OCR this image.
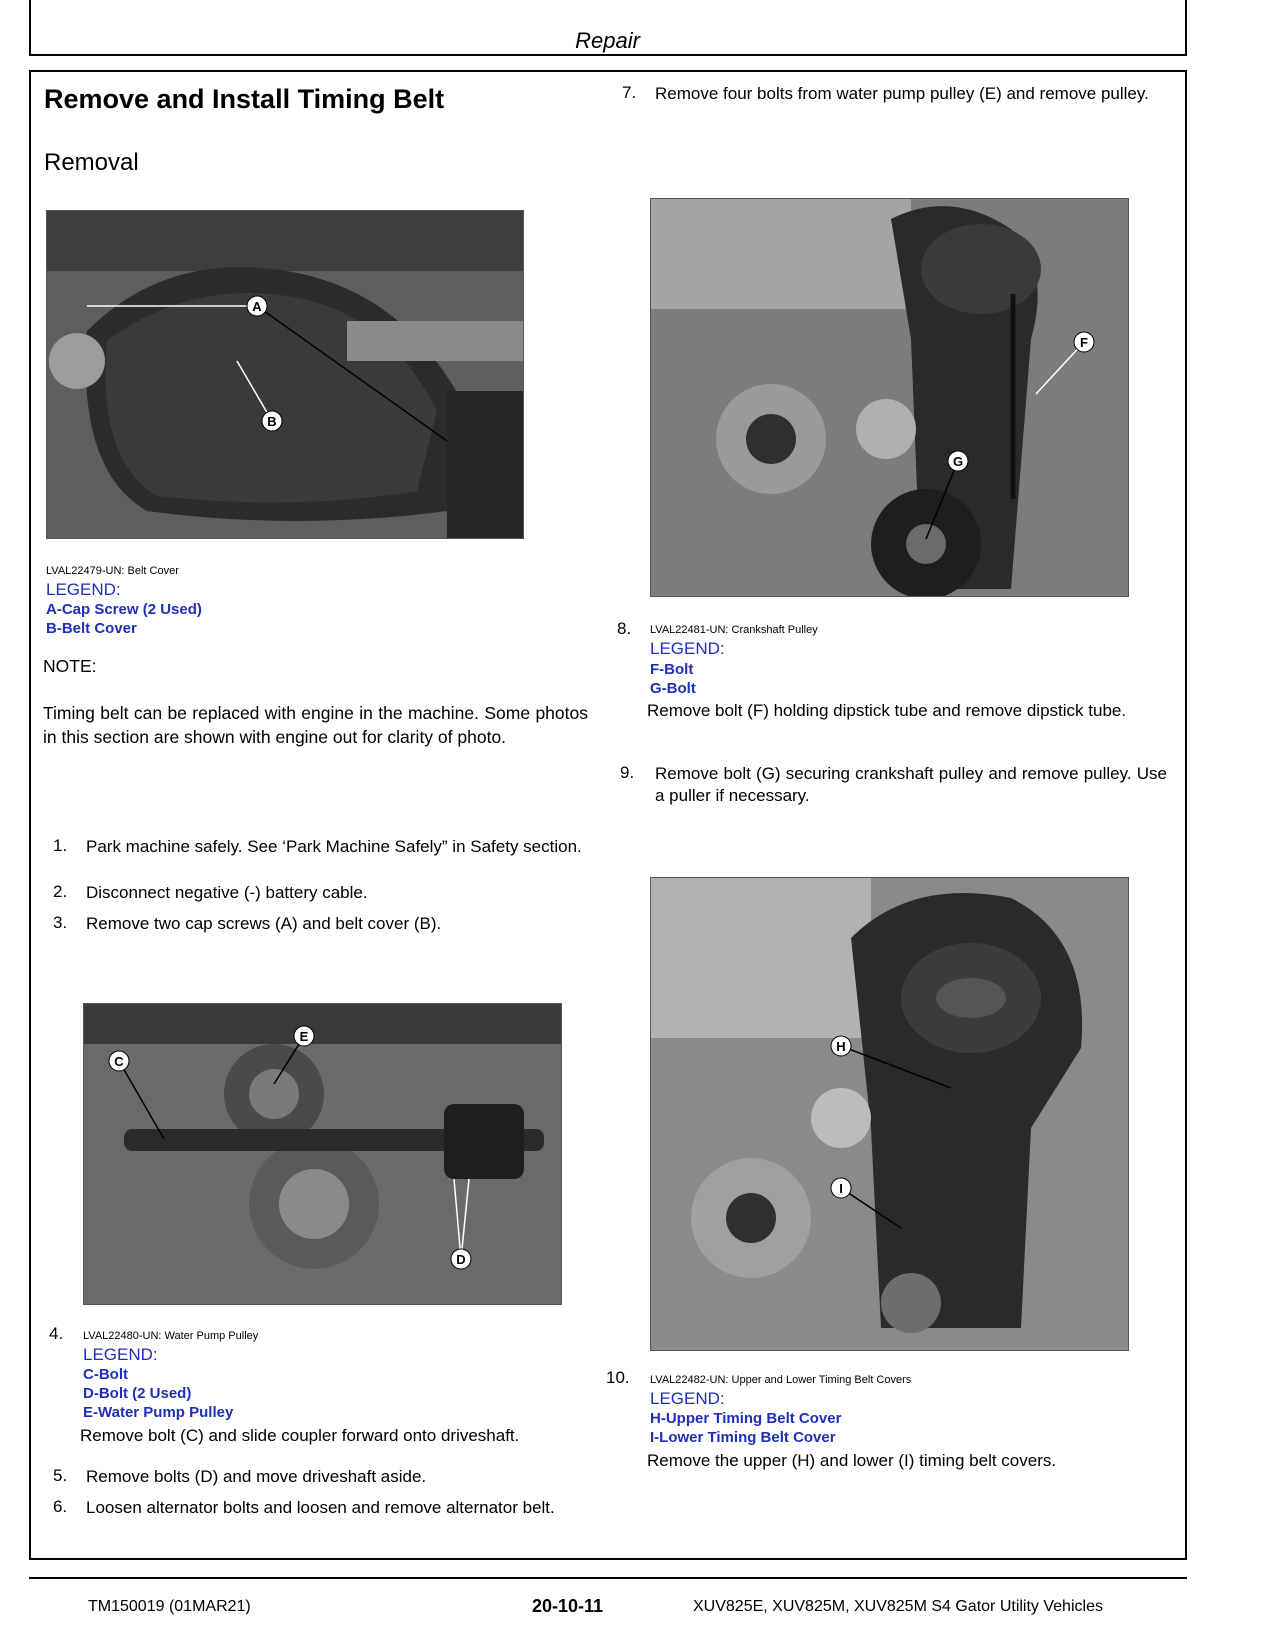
Repair
Remove and Install Timing Belt
Removal
A
B
LVAL22479-UN: Belt Cover
LEGEND:
A-Cap Screw (2 Used)
B-Belt Cover
NOTE:
Timing belt can be replaced with engine in the machine. Some photos in this section are shown with engine out for clarity of photo.
1. Park machine safely. See ‘Park Machine Safely” in Safety section.
2. Disconnect negative (-) battery cable.
3. Remove two cap screws (A) and belt cover (B).
E
C
D
4. LVAL22480-UN: Water Pump Pulley
LEGEND:
C-Bolt
D-Bolt (2 Used)
E-Water Pump Pulley
Remove bolt (C) and slide coupler forward onto driveshaft.
5. Remove bolts (D) and move driveshaft aside.
6. Loosen alternator bolts and loosen and remove alternator belt.
7. Remove four bolts from water pump pulley (E) and remove pulley.
F
G
8. LVAL22481-UN: Crankshaft Pulley
LEGEND:
F-Bolt
G-Bolt
Remove bolt (F) holding dipstick tube and remove dipstick tube.
9. Remove bolt (G) securing crankshaft pulley and remove pulley. Use a puller if necessary.
H
I
10. LVAL22482-UN: Upper and Lower Timing Belt Covers
LEGEND:
H-Upper Timing Belt Cover
I-Lower Timing Belt Cover
Remove the upper (H) and lower (I) timing belt covers.
TM150019 (01MAR21)	20-10-11	XUV825E, XUV825M, XUV825M S4 Gator Utility Vehicles
